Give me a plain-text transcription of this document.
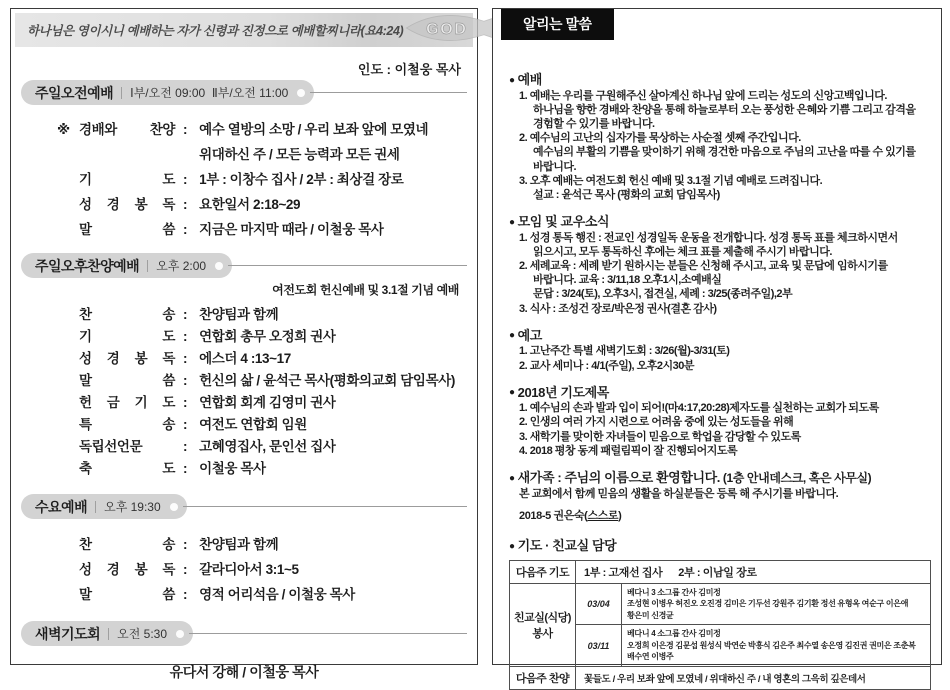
하나님은 영이시니 예배하는 자가 신령과 진정으로 예배할찌니라(요4:24) GOD
인도 : 이철웅 목사
주일오전예배 Ⅰ부/오전 09:00  Ⅱ부/오전 11:00
※ 경배와 찬양 : 예수 열방의 소망 / 우리 보좌 앞에 모였네
위대하신 주 / 모든 능력과 모든 권세
기 도 : 1부 : 이창수 집사 / 2부 : 최상걸 장로
성 경 봉 독 : 요한일서 2:18~29
말 씀 : 지금은 마지막 때라 / 이철웅 목사
주일오후찬양예배 오후 2:00
여전도회 헌신예배 및 3.1절 기념 예배
찬 송 : 찬양팀과 함께
기 도 : 연합회 총무 오정희 권사
성 경 봉 독 : 에스더 4 :13~17
말 씀 : 헌신의 삶 / 윤석근 목사(평화의교회 담임목사)
헌 금 기 도 : 연합회 회계 김영미 권사
특 송 : 여전도 연합회 임원
독립선언문	: 고혜영집사, 문인선 집사
축 도 : 이철웅 목사
수요예배 오후 19:30
찬 송 : 찬양팀과 함께
성 경 봉 독 : 갈라디아서 3:1~5
말 씀 : 영적 어리석음 / 이철웅 목사
새벽기도회 오전 5:30
유다서 강해 / 이철웅 목사
알리는 말씀
● 예배
1. 예배는 우리를 구원해주신 살아계신 하나님 앞에 드리는 성도의 신앙고백입니다.
하나님을 향한 경배와 찬양을 통해 하늘로부터 오는 풍성한 은혜와 기쁨 그리고 감격을
경험할 수 있기를 바랍니다.
2. 예수님의 고난의 십자가를 묵상하는 사순절 셋째 주간입니다.
예수님의 부활의 기쁨을 맞이하기 위해 경건한 마음으로 주님의 고난을 따를 수 있기를
바랍니다.
3. 오후 예배는 여전도회 헌신 예배 및 3.1절 기념 예배로 드려집니다.
설교 : 윤석근 목사 (평화의 교회 담임목사)
● 모임 및 교우소식
1. 성경 통독 행진 : 전교인 성경일독 운동을 전개합니다. 성경 통독 표를 체크하시면서
읽으시고, 모두 통독하신 후에는 체크 표를 제출해 주시기 바랍니다.
2. 세례교육 : 세례 받기 원하시는 분들은 신청해 주시고, 교육 및 문답에 임하시기를
바랍니다. 교육 : 3/11,18 오후1시,소예배실
문답 : 3/24(토), 오후3시, 접견실, 세례 : 3/25(종려주일),2부
3. 식사 : 조성건 장로/박은정 권사(결혼 감사)
● 예고
1. 고난주간 특별 새벽기도회 : 3/26(월)-3/31(토)
2. 교사 세미나 : 4/1(주일), 오후2시30분
● 2018년 기도제목
1. 예수님의 손과 발과 입이 되어!(마4:17,20:28)제자도를 실천하는 교회가 되도록
2. 인생의 여러 가지 시련으로 어려움 중에 있는 성도들을 위해
3. 새학기를 맞이한 자녀들이 믿음으로 학업을 감당할 수 있도록
4. 2018 평창 동계 패럴림픽이 잘 진행되어지도록
● 새가족 : 주님의 이름으로 환영합니다. (1층 안내데스크, 혹은 사무실)
본 교회에서 함께 믿음의 생활을 하실분들은 등록 해 주시기를 바랍니다.
2018-5 권은숙(스스로)
● 기도 · 친교실 담당
다음주 기도	1부 : 고재선 집사      2부 : 이남일 장로	
친교실(식당) 봉사	03/04	베다니 3 소그룹 간사 김미정
조성현 이병우 허진오 오진경 김미은 기두선 강원주 김기환 정선 유형옥 여순구 이은애
황은미 신경균

	03/11	베다니 4 소그룹 간사 김미정
오정희 이은경 김문섭 원성식 박연순 박흥식 김은주 최수열 송은영 김진권 권미은 조춘복
배수연 이병주

다음주 찬양	꽃들도 / 우리 보좌 앞에 모였네 / 위대하신 주 / 내 영혼의 그윽히 깊은데서	
